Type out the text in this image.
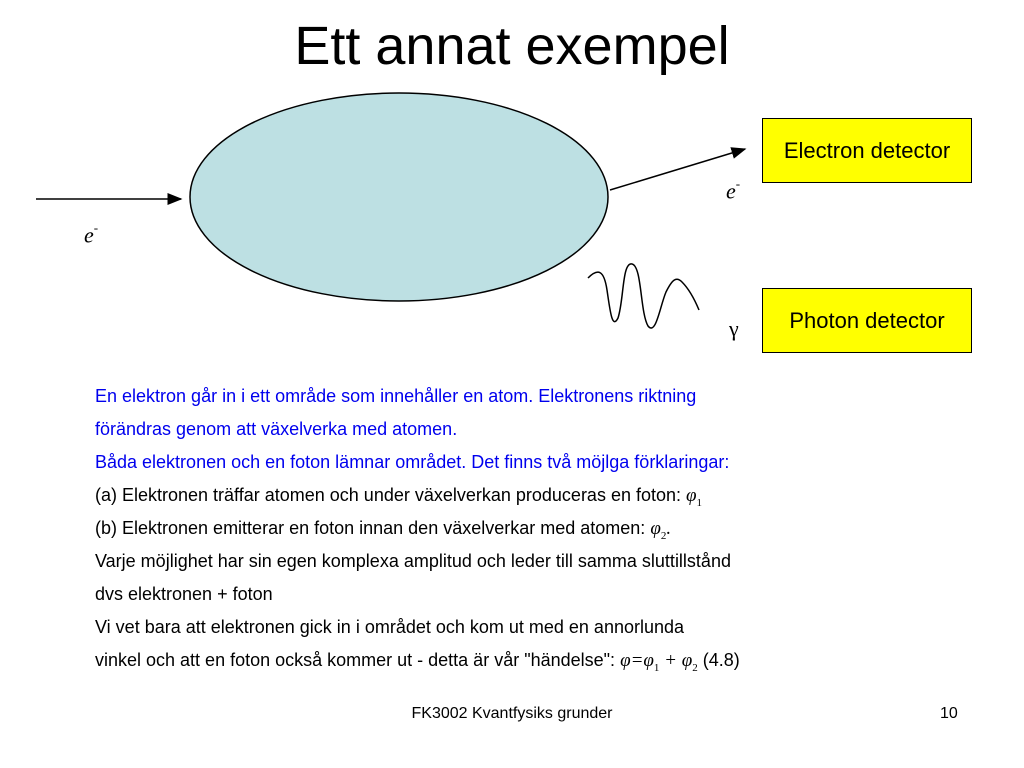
Ett annat exempel
Electron detector
Photon detector
e-
e-
γ
En elektron går in i ett område som innehåller en atom. Elektronens riktning
förändras genom att växelverka med atomen.
Båda elektronen och en foton lämnar området. Det finns två möjlga förklaringar:
(a) Elektronen träffar atomen och under växelverkan produceras en foton: $\varphi_1$
(b) Elektronen emitterar en foton innan den växelverkar med atomen: $\varphi_2$.
Varje möjlighet har sin egen komplexa amplitud och leder till samma sluttillstånd
dvs elektronen + foton
Vi vet bara att elektronen gick in i området och kom ut med en annorlunda
vinkel och att en foton också kommer ut - detta är vår "händelse": $\varphi=\varphi_1 + \varphi_2$ (4.8)
FK3002 Kvantfysiks grunder	10
